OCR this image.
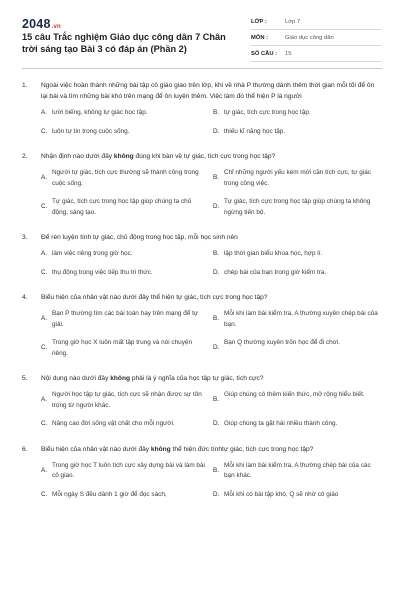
2048.vn
15 câu Trắc nghiệm Giáo dục công dân 7 Chân trời sáng tạo Bài 3 có đáp án (Phần 2)
LỚP :	Lớp 7
MÔN :	Giáo dục công dân
SỐ CÂU :	15
1.	Ngoài việc hoàn thành những bài tập cô giáo giao trên lớp, khi về nhà P thường dành thêm thời gian mỗi tối để ôn lại bài và tìm những bài khó trên mạng để ôn luyện thêm. Việc làm đó thể hiện P là người
A. lười biếng, không tự giác học tập.	B. tự giác, tích cực trong học tập.
C. luôn tự tin trong cuộc sống.	D. thiếu kĩ năng học tập.
2.	Nhận định nào dưới đây không đúng khi bàn về tự giác, tích cực trong học tập?
A.
Người tự giác, tích cực thường sẽ thành công trong cuộc sống.
B.
Chỉ những người yếu kém mới cần tích cực, tự giác trong công việc.
C.
Tự giác, tích cực trong học tập giúp chúng ta chủ động, sáng tạo.
D.
Tự giác, tích cực trong học tập giúp chúng ta không ngừng tiến bộ.
3.	Để rèn luyện tính tự giác, chủ động trong học tập, mỗi học sinh nên
A. làm việc riêng trong giờ học.	B. lập thời gian biểu khoa học, hợp lí.
C. thụ động trong việc tiếp thu tri thức.	D. chép bài của bạn trong giờ kiểm tra.
4.	Biểu hiện của nhân vật nào dưới đây thể hiện tự giác, tích cực trong học tập?
A.
Bạn P thường tìm các bài toán hay trên mạng để tự giải.
B.
Mỗi khi làm bài kiểm tra, A thường xuyên chép bài của bạn.
C.
Trong giờ học X luôn mất tập trung và nói chuyện riêng.
D.
Bạn Q thường xuyên trốn học để đi chơi.
5.	Nội dung nào dưới đây không phải là ý nghĩa của học tập tự giác, tích cực?
A.
Người học tập tự giác, tích cực sẽ nhận được sự tôn trọng từ người khác.
B.
Giúp chúng có thêm kiến thức, mở rộng hiểu biết.
C. Nâng cao đời sống vật chất cho mỗi người.	D. Giúp chúng ta gặt hái nhiều thành công.
6.	Biểu hiện của nhân vật nào dưới đây không thể hiện đức tínhtự giác, tích cực trong học tập?
A.
Trong giờ học T luôn tích cực xây dựng bài và làm bài cô giao.
B.
Mỗi khi làm bài kiểm tra, A thường chép bài của các bạn khác.
C. Mỗi ngày S đều dành 1 giờ để đọc sách,	D. Mỗi khi có bài tập khó, Q sẽ nhờ cô giáo
